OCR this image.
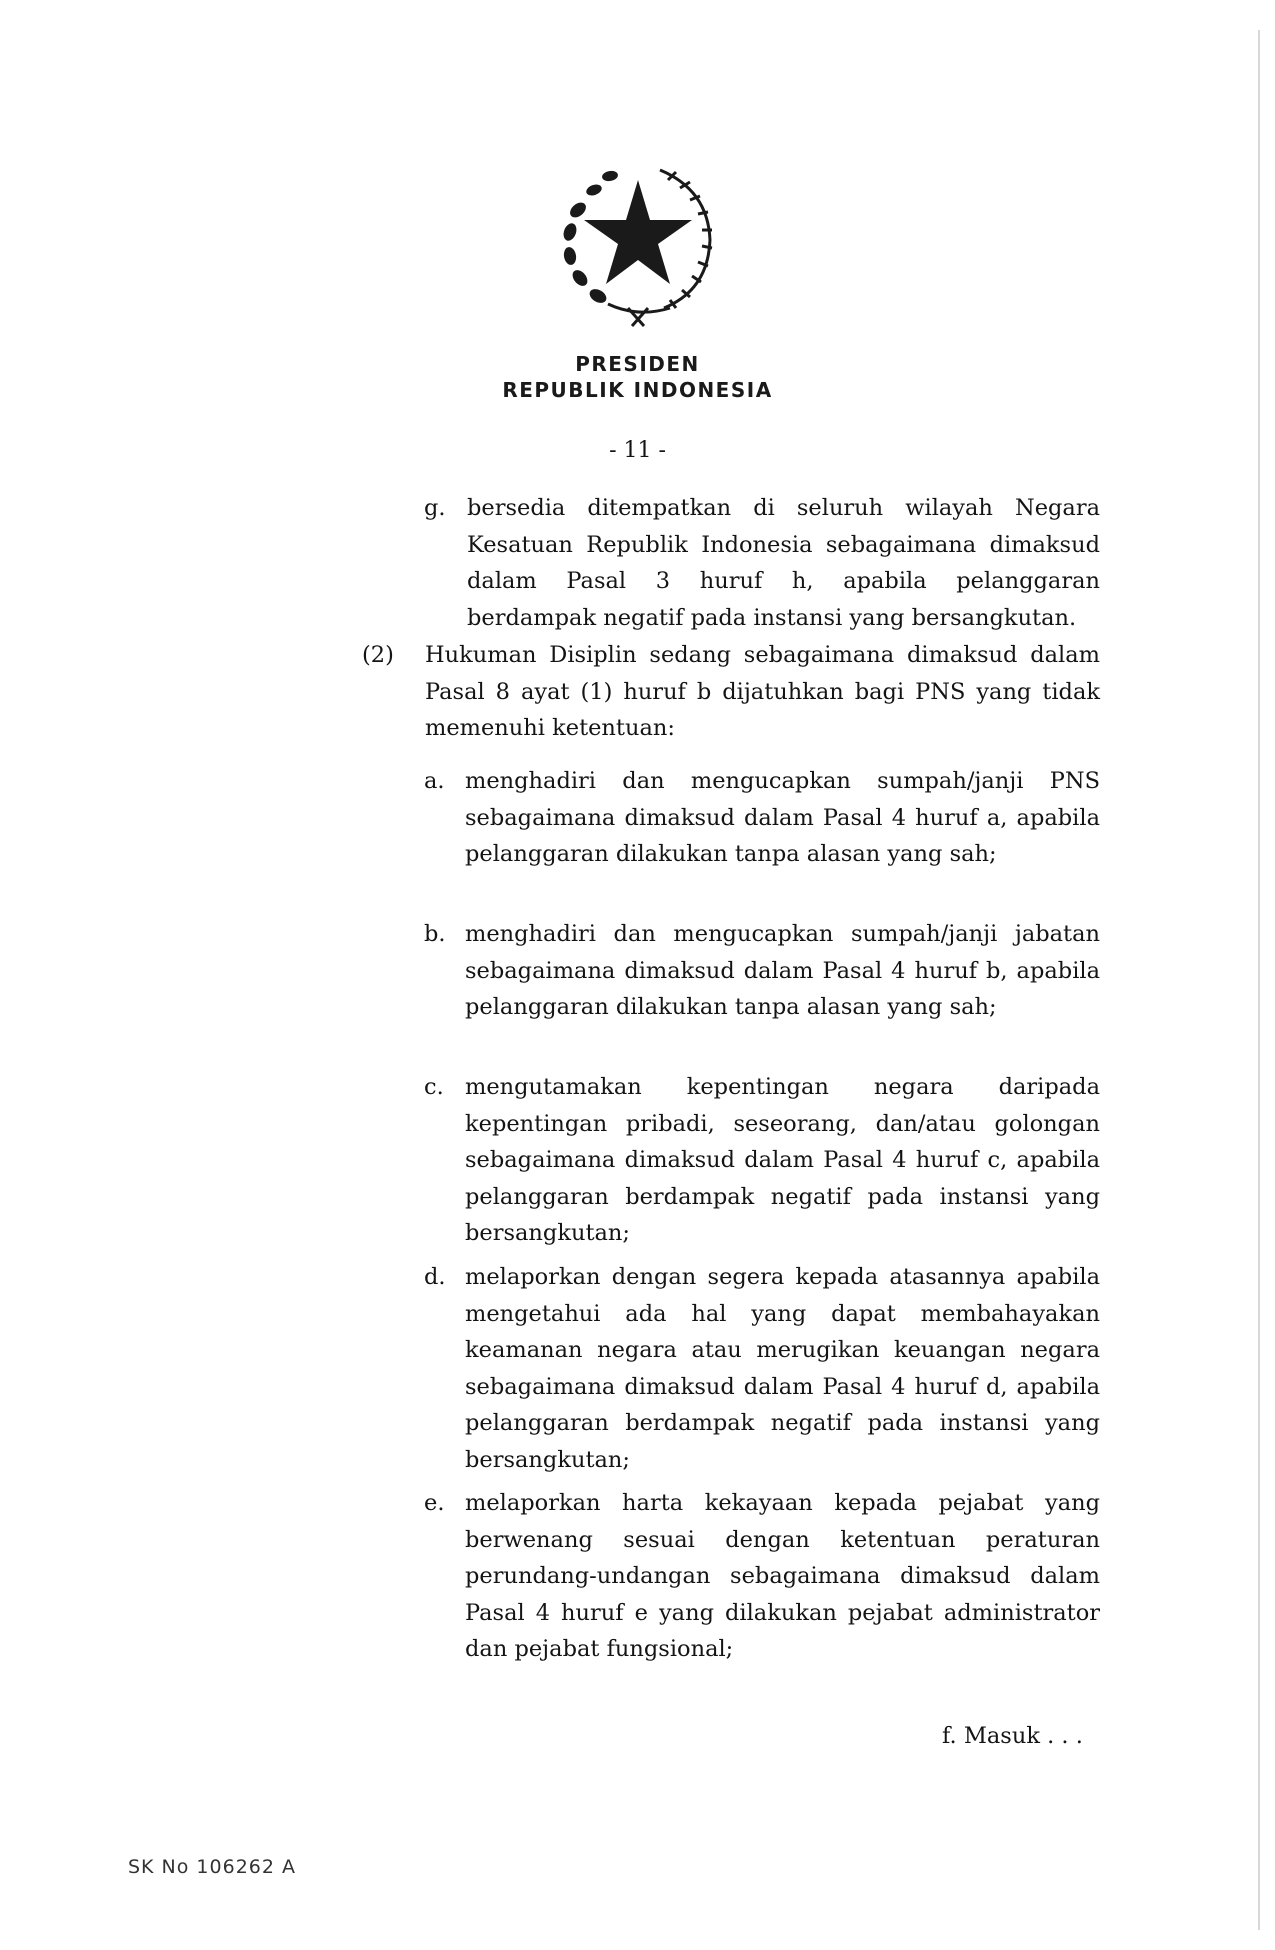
PRESIDEN
REPUBLIK INDONESIA
- 11 -
g. bersedia ditempatkan di seluruh wilayah Negara Kesatuan Republik Indonesia sebagaimana dimaksud dalam Pasal 3 huruf h, apabila pelanggaran berdampak negatif pada instansi yang bersangkutan.

(2) Hukuman Disiplin sedang sebagaimana dimaksud dalam Pasal 8 ayat (1) huruf b dijatuhkan bagi PNS yang tidak memenuhi ketentuan:

a. menghadiri dan mengucapkan sumpah/janji PNS sebagaimana dimaksud dalam Pasal 4 huruf a, apabila pelanggaran dilakukan tanpa alasan yang sah;

b. menghadiri dan mengucapkan sumpah/janji jabatan sebagaimana dimaksud dalam Pasal 4 huruf b, apabila pelanggaran dilakukan tanpa alasan yang sah;

c. mengutamakan kepentingan negara daripada kepentingan pribadi, seseorang, dan/atau golongan sebagaimana dimaksud dalam Pasal 4 huruf c, apabila pelanggaran berdampak negatif pada instansi yang bersangkutan;

d. melaporkan dengan segera kepada atasannya apabila mengetahui ada hal yang dapat membahayakan keamanan negara atau merugikan keuangan negara sebagaimana dimaksud dalam Pasal 4 huruf d, apabila pelanggaran berdampak negatif pada instansi yang bersangkutan;

e. melaporkan harta kekayaan kepada pejabat yang berwenang sesuai dengan ketentuan peraturan perundang-undangan sebagaimana dimaksud dalam Pasal 4 huruf e yang dilakukan pejabat administrator dan pejabat fungsional;

f. Masuk . . .
SK No 106262 A
